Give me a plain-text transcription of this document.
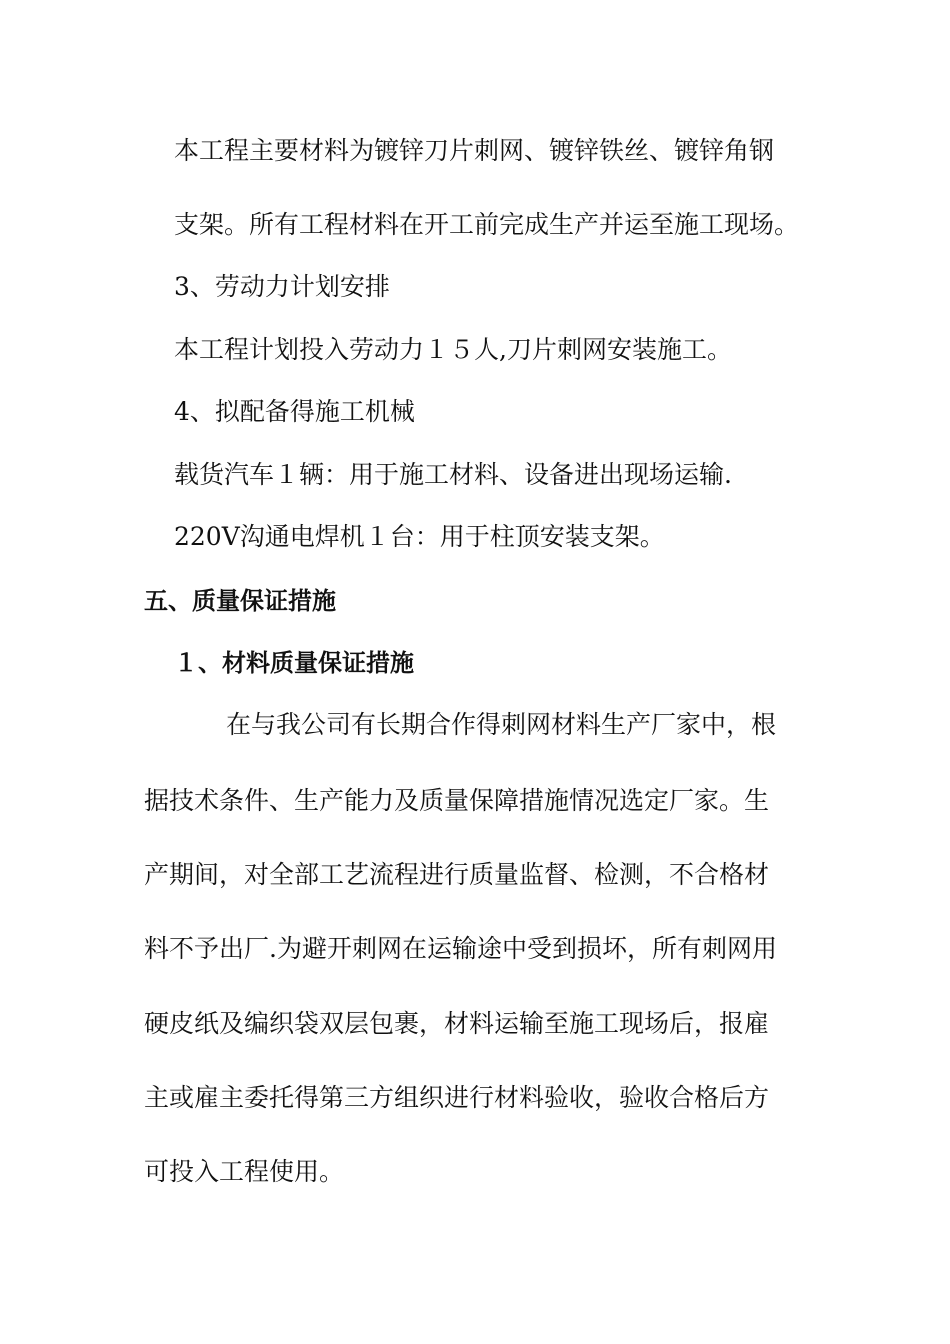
本工程主要材料为镀锌刀片刺网、镀锌铁丝、镀锌角钢
支架。所有工程材料在开工前完成生产并运至施工现场。
3、劳动力计划安排
本工程计划投入劳动力１５人,刀片刺网安装施工。
4、拟配备得施工机械
载货汽车１辆：用于施工材料、设备进出现场运输.
220V沟通电焊机１台：用于柱顶安装支架。
五、质量保证措施
１、材料质量保证措施
在与我公司有长期合作得刺网材料生产厂家中，根
据技术条件、生产能力及质量保障措施情况选定厂家。生
产期间，对全部工艺流程进行质量监督、检测，不合格材
料不予出厂.为避开刺网在运输途中受到损坏，所有刺网用
硬皮纸及编织袋双层包裹，材料运输至施工现场后，报雇
主或雇主委托得第三方组织进行材料验收，验收合格后方
可投入工程使用。
